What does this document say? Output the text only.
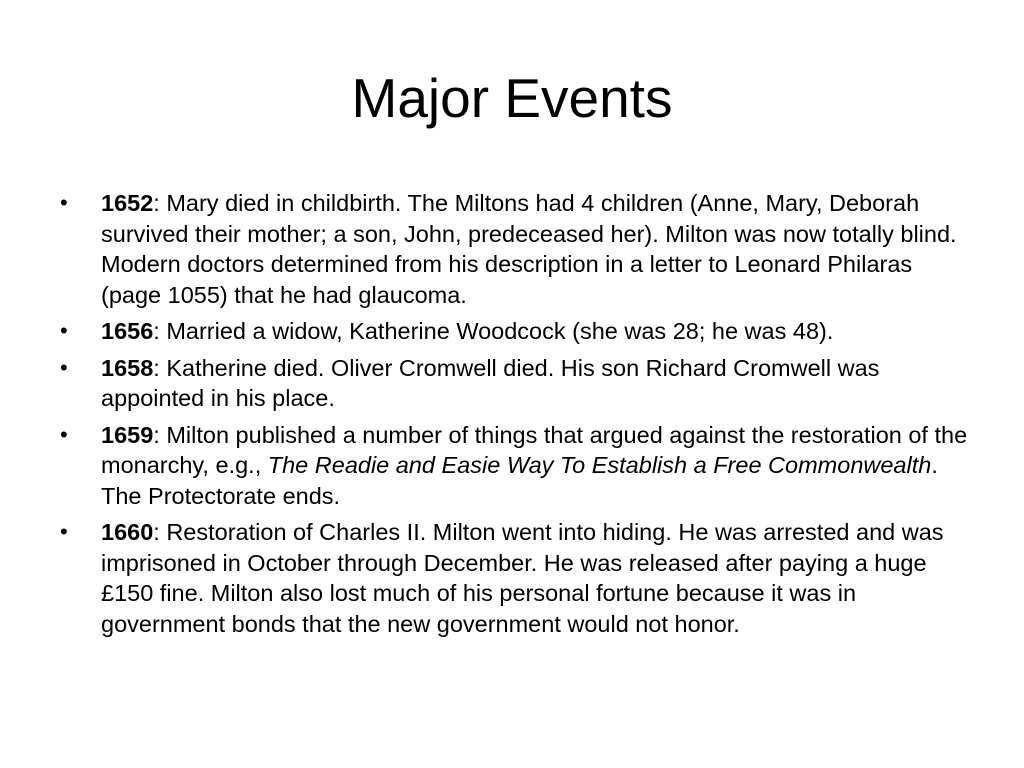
Major Events
• 1652: Mary died in childbirth. The Miltons had 4 children (Anne, Mary, Deborah survived their mother; a son, John, predeceased her). Milton was now totally blind. Modern doctors determined from his description in a letter to Leonard Philaras (page 1055) that he had glaucoma.
• 1656: Married a widow, Katherine Woodcock (she was 28; he was 48).
• 1658: Katherine died. Oliver Cromwell died. His son Richard Cromwell was appointed in his place.
• 1659: Milton published a number of things that argued against the restoration of the monarchy, e.g., The Readie and Easie Way To Establish a Free Commonwealth. The Protectorate ends.
• 1660: Restoration of Charles II. Milton went into hiding. He was arrested and was imprisoned in October through December. He was released after paying a huge £150 fine. Milton also lost much of his personal fortune because it was in government bonds that the new government would not honor.
